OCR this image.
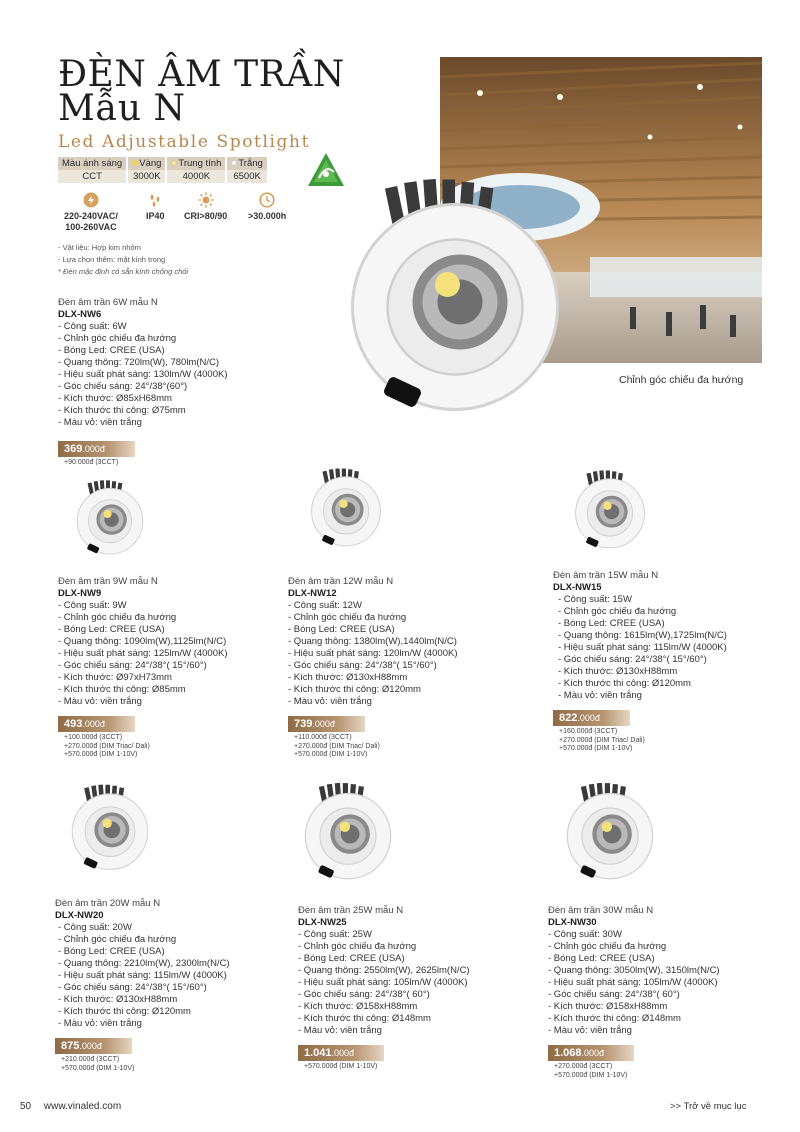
ĐÈN ÂM TRẦN
Mẫu N
Led Adjustable Spotlight
Màu ánh sáng	Vàng	Trung tính	Trắng
CCT	3000K	4000K	6500K
220-240VAC/
100-260VAC
IP40 CRI>80/90 >30.000h
- Vật liệu: Hợp kim nhôm
- Lựa chọn thêm: mặt kính trong
* Đèn mặc định có sẵn kính chống chói
Chỉnh góc chiếu đa hướng
Đèn âm trần 6W mẫu N
DLX-NW6
- Công suất: 6W
- Chỉnh góc chiếu đa hướng
- Bóng Led: CREE (USA)
- Quang thông: 720lm(W), 780lm(N/C)
- Hiệu suất phát sáng: 130lm/W (4000K)
- Góc chiếu sáng: 24°/38°(60°)
- Kích thước: Ø85xH68mm
- Kích thước thi công: Ø75mm
- Màu vỏ: viền trắng
369.000đ
+90.000đ (3CCT)
Đèn âm trần 9W mẫu N
DLX-NW9
- Công suất: 9W
- Chỉnh góc chiếu đa hướng
- Bóng Led: CREE (USA)
- Quang thông: 1090lm(W),1125lm(N/C)
- Hiệu suất phát sáng: 125lm/W (4000K)
- Góc chiếu sáng: 24°/38°( 15°/60°)
- Kích thước: Ø97xH73mm
- Kích thước thi công: Ø85mm
- Màu vỏ: viền trắng
493.000đ
+100.000đ (3CCT)
+270.000đ (DIM Triac/ Dali)
+570.000đ (DIM 1-10V)
Đèn âm trần 12W mẫu N
DLX-NW12
- Công suất: 12W
- Chỉnh góc chiếu đa hướng
- Bóng Led: CREE (USA)
- Quang thông: 1380lm(W),1440lm(N/C)
- Hiệu suất phát sáng: 120lm/W (4000K)
- Góc chiếu sáng: 24°/38°( 15°/60°)
- Kích thước: Ø130xH88mm
- Kích thước thi công: Ø120mm
- Màu vỏ: viền trắng
739.000đ
+110.000đ (3CCT)
+270.000đ (DIM Triac/ Dali)
+570.000đ (DIM 1-10V)
Đèn âm trần 15W mẫu N
DLX-NW15
- Công suất: 15W
- Chỉnh góc chiếu đa hướng
- Bóng Led: CREE (USA)
- Quang thông: 1615lm(W),1725lm(N/C)
- Hiệu suất phát sáng: 115lm/W (4000K)
- Góc chiếu sáng: 24°/38°( 15°/60°)
- Kích thước: Ø130xH88mm
- Kích thước thi công: Ø120mm
- Màu vỏ: viền trắng
822.000đ
+160.000đ (3CCT)
+270.000đ (DIM Triac/ Dali)
+570.000đ (DIM 1-10V)
Đèn âm trần 20W mẫu N
DLX-NW20
- Công suất: 20W
- Chỉnh góc chiếu đa hướng
- Bóng Led: CREE (USA)
- Quang thông: 2210lm(W), 2300lm(N/C)
- Hiệu suất phát sáng: 115lm/W (4000K)
- Góc chiếu sáng: 24°/38°( 15°/60°)
- Kích thước: Ø130xH88mm
- Kích thước thi công: Ø120mm
- Màu vỏ: viền trắng
875.000đ
+210.000đ (3CCT)
+570.000đ (DIM 1-10V)
Đèn âm trần 25W mẫu N
DLX-NW25
- Công suất: 25W
- Chỉnh góc chiếu đa hướng
- Bóng Led: CREE (USA)
- Quang thông: 2550lm(W), 2625lm(N/C)
- Hiệu suất phát sáng: 105lm/W (4000K)
- Góc chiếu sáng: 24°/38°( 60°)
- Kích thước: Ø158xH88mm
- Kích thước thi công: Ø148mm
- Màu vỏ: viền trắng
1.041.000đ
+570.000đ (DIM 1-10V)
Đèn âm trần 30W mẫu N
DLX-NW30
- Công suất: 30W
- Chỉnh góc chiếu đa hướng
- Bóng Led: CREE (USA)
- Quang thông: 3050lm(W), 3150lm(N/C)
- Hiệu suất phát sáng: 105lm/W (4000K)
- Góc chiếu sáng: 24°/38°( 60°)
- Kích thước: Ø158xH88mm
- Kích thước thi công: Ø148mm
- Màu vỏ: viền trắng
1.068.000đ
+270.000đ (3CCT)
+570.000đ (DIM 1-10V)
50 www.vinaled.com	>> Trở về mục lục
